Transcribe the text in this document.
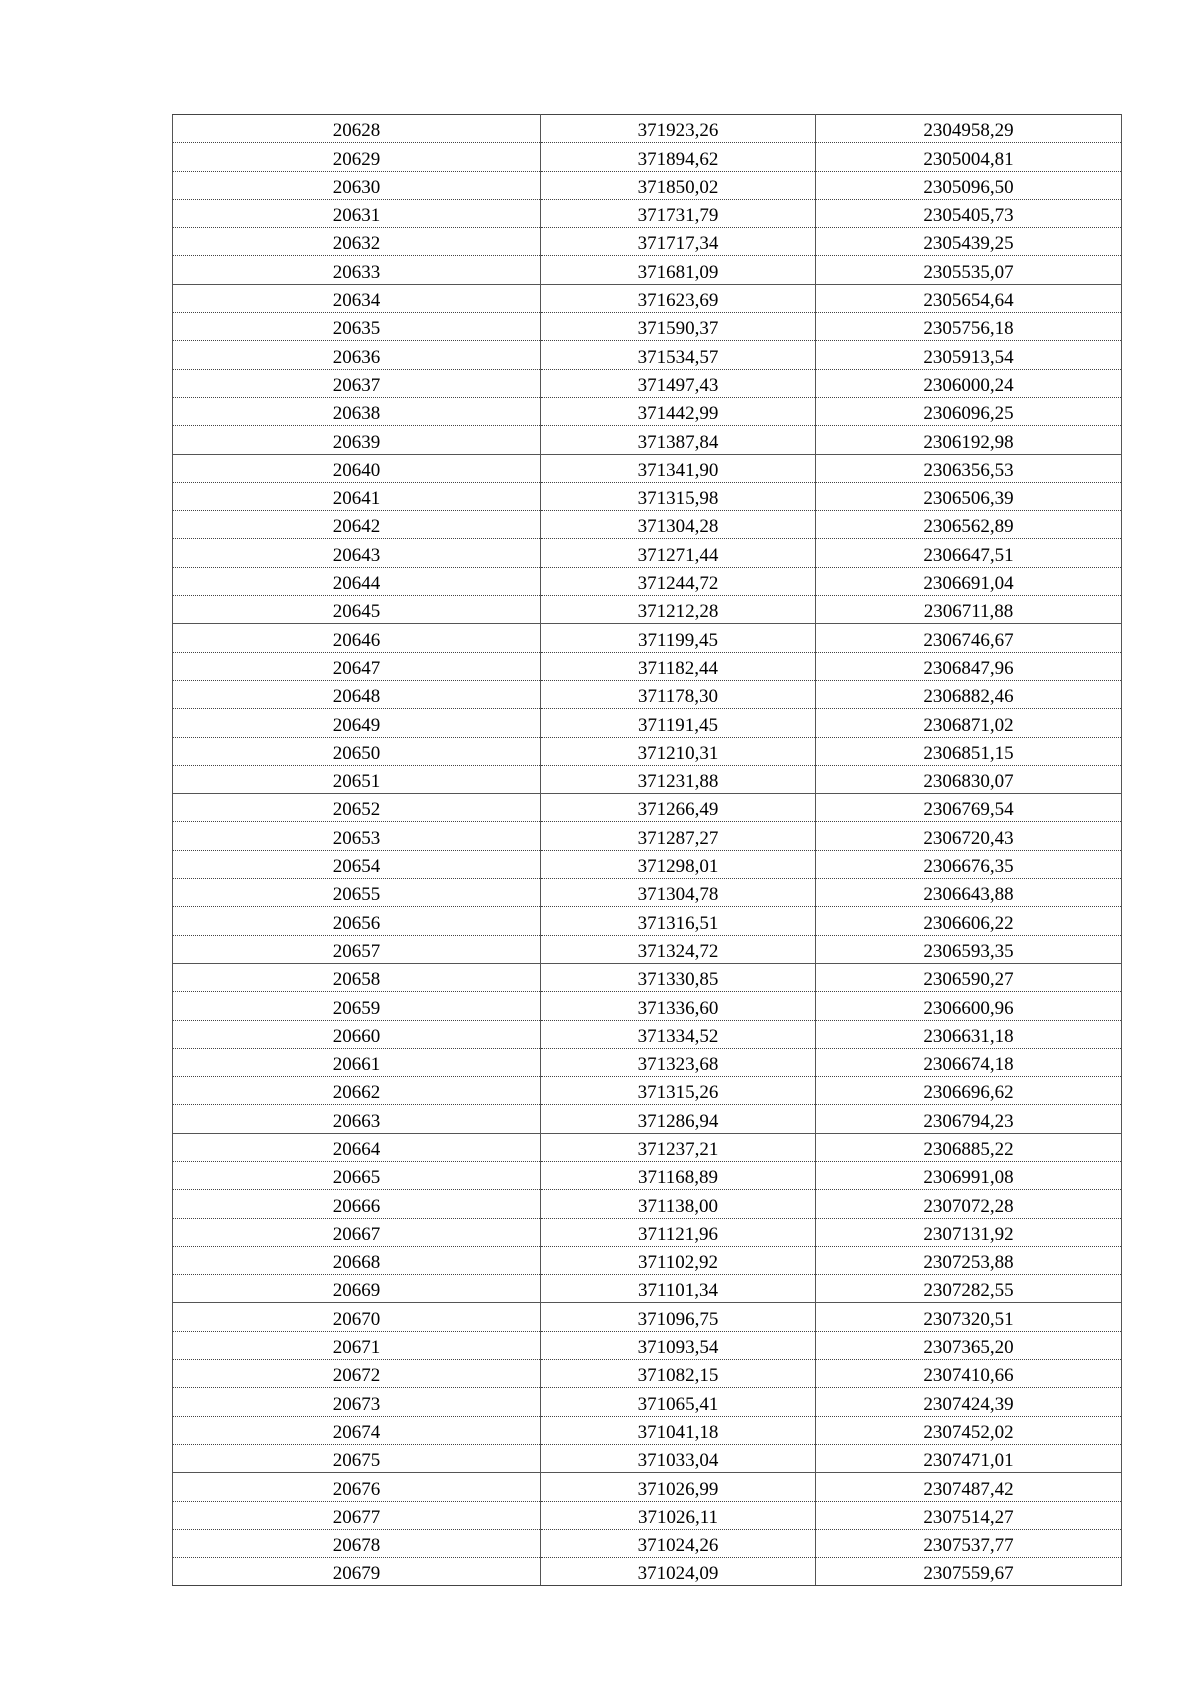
20628	371923,26	2304958,29
20629	371894,62	2305004,81
20630	371850,02	2305096,50
20631	371731,79	2305405,73
20632	371717,34	2305439,25
20633	371681,09	2305535,07
20634	371623,69	2305654,64
20635	371590,37	2305756,18
20636	371534,57	2305913,54
20637	371497,43	2306000,24
20638	371442,99	2306096,25
20639	371387,84	2306192,98
20640	371341,90	2306356,53
20641	371315,98	2306506,39
20642	371304,28	2306562,89
20643	371271,44	2306647,51
20644	371244,72	2306691,04
20645	371212,28	2306711,88
20646	371199,45	2306746,67
20647	371182,44	2306847,96
20648	371178,30	2306882,46
20649	371191,45	2306871,02
20650	371210,31	2306851,15
20651	371231,88	2306830,07
20652	371266,49	2306769,54
20653	371287,27	2306720,43
20654	371298,01	2306676,35
20655	371304,78	2306643,88
20656	371316,51	2306606,22
20657	371324,72	2306593,35
20658	371330,85	2306590,27
20659	371336,60	2306600,96
20660	371334,52	2306631,18
20661	371323,68	2306674,18
20662	371315,26	2306696,62
20663	371286,94	2306794,23
20664	371237,21	2306885,22
20665	371168,89	2306991,08
20666	371138,00	2307072,28
20667	371121,96	2307131,92
20668	371102,92	2307253,88
20669	371101,34	2307282,55
20670	371096,75	2307320,51
20671	371093,54	2307365,20
20672	371082,15	2307410,66
20673	371065,41	2307424,39
20674	371041,18	2307452,02
20675	371033,04	2307471,01
20676	371026,99	2307487,42
20677	371026,11	2307514,27
20678	371024,26	2307537,77
20679	371024,09	2307559,67
